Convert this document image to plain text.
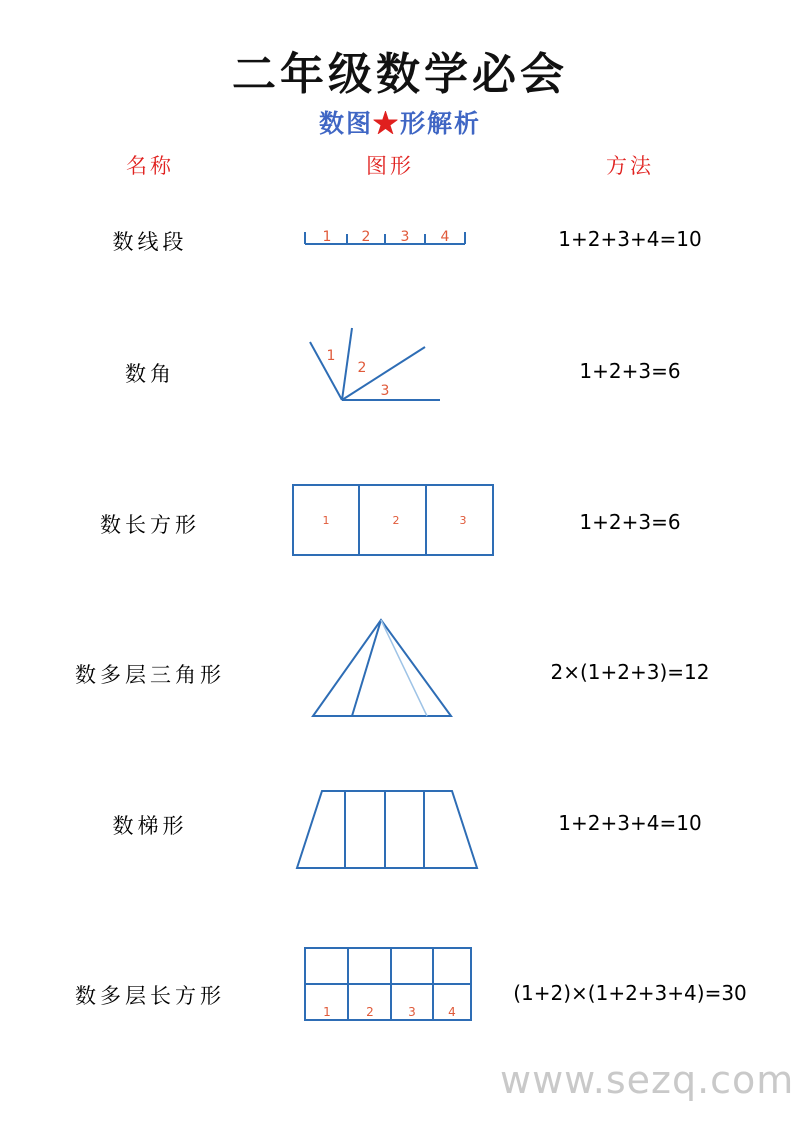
二年级数学必会
数图★形解析
名称	图形	方法
数线段	1+2+3+4=10
1 2 3 4
数角	1+2+3=6
1
2
3
数长方形	1+2+3=6
1	2	3
数多层三角形	2×(1+2+3)=12
数梯形	1+2+3+4=10
数多层长方形	(1+2)×(1+2+3+4)=30
1	2	3	4
www.sezq.com
